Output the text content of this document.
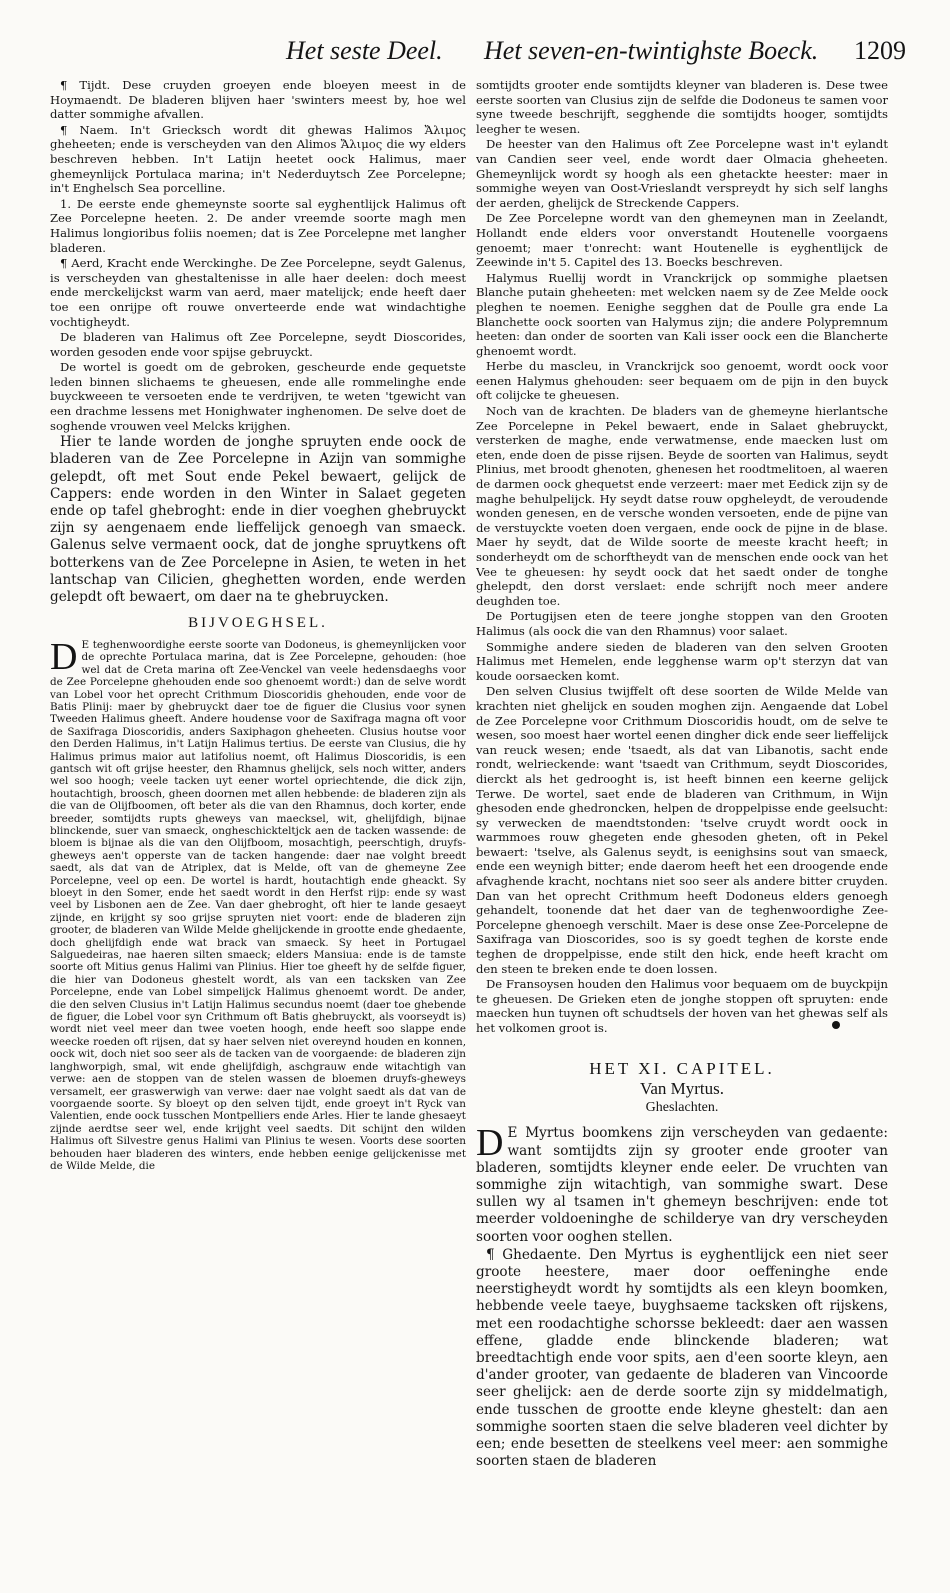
Het seste Deel. Het seven-en-twintighste Boeck. 1209

¶ Tijdt. Dese cruyden groeyen ende bloeyen meest in de Hoymaendt. De bladeren blijven haer 'swinters meest by, hoe wel datter sommighe afvallen.

¶ Naem. In't Griecksch wordt dit ghewas Halimos Ἄλιμος gheheeten; ende is verscheyden van den Alimos Ἄλιμος die wy elders beschreven hebben. In't Latijn heetet oock Halimus, maer ghemeynlijck Portulaca marina; in't Nederduytsch Zee Porcelepne; in't Enghelsch Sea porcelline.

1. De eerste ende ghemeynste soorte sal eyghentlijck Halimus oft Zee Porcelepne heeten. 2. De ander vreemde soorte magh men Halimus longioribus foliis noemen; dat is Zee Porcelepne met langher bladeren.

¶ Aerd, Kracht ende Werckinghe. De Zee Porcelepne, seydt Galenus, is verscheyden van ghestaltenisse in alle haer deelen: doch meest ende merckelijckst warm van aerd, maer matelijck; ende heeft daer toe een onrijpe oft rouwe onverteerde ende wat windachtighe vochtigheydt.

De bladeren van Halimus oft Zee Porcelepne, seydt Dioscorides, worden gesoden ende voor spijse gebruyckt.

De wortel is goedt om de gebroken, gescheurde ende gequetste leden binnen slichaems te gheuesen, ende alle rommelinghe ende buyckweeen te versoeten ende te verdrijven, te weten 'tgewicht van een drachme lessens met Honighwater inghenomen. De selve doet de soghende vrouwen veel Melcks krijghen.

Hier te lande worden de jonghe spruyten ende oock de bladeren van de Zee Porcelepne in Azijn van sommighe gelepdt, oft met Sout ende Pekel bewaert, gelijck de Cappers: ende worden in den Winter in Salaet gegeten ende op tafel ghebroght: ende in dier voeghen ghebruyckt zijn sy aengenaem ende lieffelijck genoegh van smaeck. Galenus selve vermaent oock, dat de jonghe spruytkens oft botterkens van de Zee Porcelepne in Asien, te weten in het lantschap van Cilicien, gheghetten worden, ende werden gelepdt oft bewaert, om daer na te ghebruycken.

BIJVOEGHSEL.
D E teghenwoordighe eerste soorte van Dodoneus, is ghemeynlijcken voor de oprechte Portulaca marina, dat is Zee Porcelepne, gehouden: (hoe wel dat de Creta marina oft Zee-Venckel van veele hedensdaeghs voor de Zee Porcelepne ghehouden ende soo ghenoemt wordt:) dan de selve wordt van Lobel voor het oprecht Crithmum Dioscoridis ghehouden, ende voor de Batis Plinij: maer by ghebruyckt daer toe de figuer die Clusius voor synen Tweeden Halimus gheeft. Andere houdense voor de Saxifraga magna oft voor de Saxifraga Dioscoridis, anders Saxiphagon gheheeten. Clusius houtse voor den Derden Halimus, in't Latijn Halimus tertius. De eerste van Clusius, die hy Halimus primus maior aut latifolius noemt, oft Halimus Dioscoridis, is een gantsch wit oft grijse heester, den Rhamnus ghelijck, sels noch witter, anders wel soo hoogh; veele tacken uyt eener wortel opriechtende, die dick zijn, houtachtigh, broosch, gheen doornen met allen hebbende: de bladeren zijn als die van de Olijfboomen, oft beter als die van den Rhamnus, doch korter, ende breeder, somtijdts rupts gheweys van maecksel, wit, ghelijfdigh, bijnae blinckende, suer van smaeck, ongheschickteltjck aen de tacken wassende: de bloem is bijnae als die van den Olijfboom, mosachtigh, peerschtigh, druyfs-gheweys aen't opperste van de tacken hangende: daer nae volght breedt saedt, als dat van de Atriplex, dat is Melde, oft van de ghemeyne Zee Porcelepne, veel op een. De wortel is hardt, houtachtigh ende gheackt. Sy bloeyt in den Somer, ende het saedt wordt in den Herfst rijp: ende sy wast veel by Lisbonen aen de Zee. Van daer ghebroght, oft hier te lande gesaeyt zijnde, en krijght sy soo grijse spruyten niet voort: ende de bladeren zijn grooter, de bladeren van Wilde Melde ghelijckende in grootte ende ghedaente, doch ghelijfdigh ende wat brack van smaeck. Sy heet in Portugael Salguedeiras, nae haeren silten smaeck; elders Mansiua: ende is de tamste soorte oft Mitius genus Halimi van Plinius. Hier toe gheeft hy de selfde figuer, die hier van Dodoneus ghestelt wordt, als van een tacksken van Zee Porcelepne, ende van Lobel simpelijck Halimus ghenoemt wordt. De ander, die den selven Clusius in't Latijn Halimus secundus noemt (daer toe ghebende de figuer, die Lobel voor syn Crithmum oft Batis ghebruyckt, als voorseydt is) wordt niet veel meer dan twee voeten hoogh, ende heeft soo slappe ende weecke roeden oft rijsen, dat sy haer selven niet overeynd houden en konnen, oock wit, doch niet soo seer als de tacken van de voorgaende: de bladeren zijn langhworpigh, smal, wit ende ghelijfdigh, aschgrauw ende witachtigh van verwe: aen de stoppen van de stelen wassen de bloemen druyfs-gheweys versamelt, eer graswerwigh van verwe: daer nae volght saedt als dat van de voorgaende soorte. Sy bloeyt op den selven tijdt, ende groeyt in't Ryck van Valentien, ende oock tusschen Montpelliers ende Arles. Hier te lande ghesaeyt zijnde aerdtse seer wel, ende krijght veel saedts. Dit schijnt den wilden Halimus oft Silvestre genus Halimi van Plinius te wesen. Voorts dese soorten behouden haer bladeren des winters, ende hebben eenige gelijckenisse met de Wilde Melde, die

somtijdts grooter ende somtijdts kleyner van bladeren is. Dese twee eerste soorten van Clusius zijn de selfde die Dodoneus te samen voor syne tweede beschrijft, segghende die somtijdts hooger, somtijdts leegher te wesen.

De heester van den Halimus oft Zee Porcelepne wast in't eylandt van Candien seer veel, ende wordt daer Olmacia gheheeten. Ghemeynlijck wordt sy hoogh als een ghetackte heester: maer in sommighe weyen van Oost-Vrieslandt verspreydt hy sich self langhs der aerden, ghelijck de Streckende Cappers.

De Zee Porcelepne wordt van den ghemeynen man in Zeelandt, Hollandt ende elders voor onverstandt Houtenelle voorgaens genoemt; maer t'onrecht: want Houtenelle is eyghentlijck de Zeewinde in't 5. Capitel des 13. Boecks beschreven.

Halymus Ruellij wordt in Vranckrijck op sommighe plaetsen Blanche putain gheheeten: met welcken naem sy de Zee Melde oock pleghen te noemen. Eenighe segghen dat de Poulle gra ende La Blanchette oock soorten van Halymus zijn; die andere Polypremnum heeten: dan onder de soorten van Kali isser oock een die Blancherte ghenoemt wordt.

Herbe du mascleu, in Vranckrijck soo genoemt, wordt oock voor eenen Halymus ghehouden: seer bequaem om de pijn in den buyck oft colijcke te gheuesen.

Noch van de krachten. De bladers van de ghemeyne hierlantsche Zee Porcelepne in Pekel bewaert, ende in Salaet ghebruyckt, versterken de maghe, ende verwatmense, ende maecken lust om eten, ende doen de pisse rijsen. Beyde de soorten van Halimus, seydt Plinius, met broodt ghenoten, ghenesen het roodtmelitoen, al waeren de darmen oock ghequetst ende verzeert: maer met Eedick zijn sy de maghe behulpelijck. Hy seydt datse rouw opgheleydt, de veroudende wonden genesen, en de versche wonden versoeten, ende de pijne van de verstuyckte voeten doen vergaen, ende oock de pijne in de blase. Maer hy seydt, dat de Wilde soorte de meeste kracht heeft; in sonderheydt om de schorftheydt van de menschen ende oock van het Vee te gheuesen: hy seydt oock dat het saedt onder de tonghe ghelepdt, den dorst verslaet: ende schrijft noch meer andere deughden toe.

De Portugijsen eten de teere jonghe stoppen van den Grooten Halimus (als oock die van den Rhamnus) voor salaet.

Sommighe andere sieden de bladeren van den selven Grooten Halimus met Hemelen, ende legghense warm op't sterzyn dat van koude oorsaecken komt.

Den selven Clusius twijffelt oft dese soorten de Wilde Melde van krachten niet ghelijck en souden moghen zijn. Aengaende dat Lobel de Zee Porcelepne voor Crithmum Dioscoridis houdt, om de selve te wesen, soo moest haer wortel eenen dingher dick ende seer lieffelijck van reuck wesen; ende 'tsaedt, als dat van Libanotis, sacht ende rondt, welrieckende: want 'tsaedt van Crithmum, seydt Dioscorides, dierckt als het gedrooght is, ist heeft binnen een keerne gelijck Terwe. De wortel, saet ende de bladeren van Crithmum, in Wijn ghesoden ende ghedroncken, helpen de droppelpisse ende geelsucht: sy verwecken de maendtstonden: 'tselve cruydt wordt oock in warmmoes rouw ghegeten ende ghesoden gheten, oft in Pekel bewaert: 'tselve, als Galenus seydt, is eenighsins sout van smaeck, ende een weynigh bitter; ende daerom heeft het een droogende ende afvaghende kracht, nochtans niet soo seer als andere bitter cruyden. Dan van het oprecht Crithmum heeft Dodoneus elders genoegh gehandelt, toonende dat het daer van de teghenwoordighe Zee-Porcelepne ghenoegh verschilt. Maer is dese onse Zee-Porcelepne de Saxifraga van Dioscorides, soo is sy goedt teghen de korste ende teghen de droppelpisse, ende stilt den hick, ende heeft kracht om den steen te breken ende te doen lossen.

De Fransoysen houden den Halimus voor bequaem om de buyckpijn te gheuesen. De Grieken eten de jonghe stoppen oft spruyten: ende maecken hun tuynen oft schudtsels der hoven van het ghewas self als het volkomen groot is.

HET XI. CAPITEL.
Van Myrtus.
Gheslachten.
D E Myrtus boomkens zijn verscheyden van gedaente: want somtijdts zijn sy grooter ende grooter van bladeren, somtijdts kleyner ende eeler. De vruchten van sommighe zijn witachtigh, van sommighe swart. Dese sullen wy al tsamen in't ghemeyn beschrijven: ende tot meerder voldoeninghe de schilderye van dry verscheyden soorten voor ooghen stellen.

¶ Ghedaente. Den Myrtus is eyghentlijck een niet seer groote heestere, maer door oeffeninghe ende neerstigheydt wordt hy somtijdts als een kleyn boomken, hebbende veele taeye, buyghsaeme tacksken oft rijskens, met een roodachtighe schorsse bekleedt: daer aen wassen effene, gladde ende blinckende bladeren; wat breedtachtigh ende voor spits, aen d'een soorte kleyn, aen d'ander grooter, van gedaente de bladeren van Vincoorde seer ghelijck: aen de derde soorte zijn sy middelmatigh, ende tusschen de grootte ende kleyne ghestelt: dan aen sommighe soorten staen die selve bladeren veel dichter by een; ende besetten de steelkens veel meer: aen sommighe soorten staen de bladeren
